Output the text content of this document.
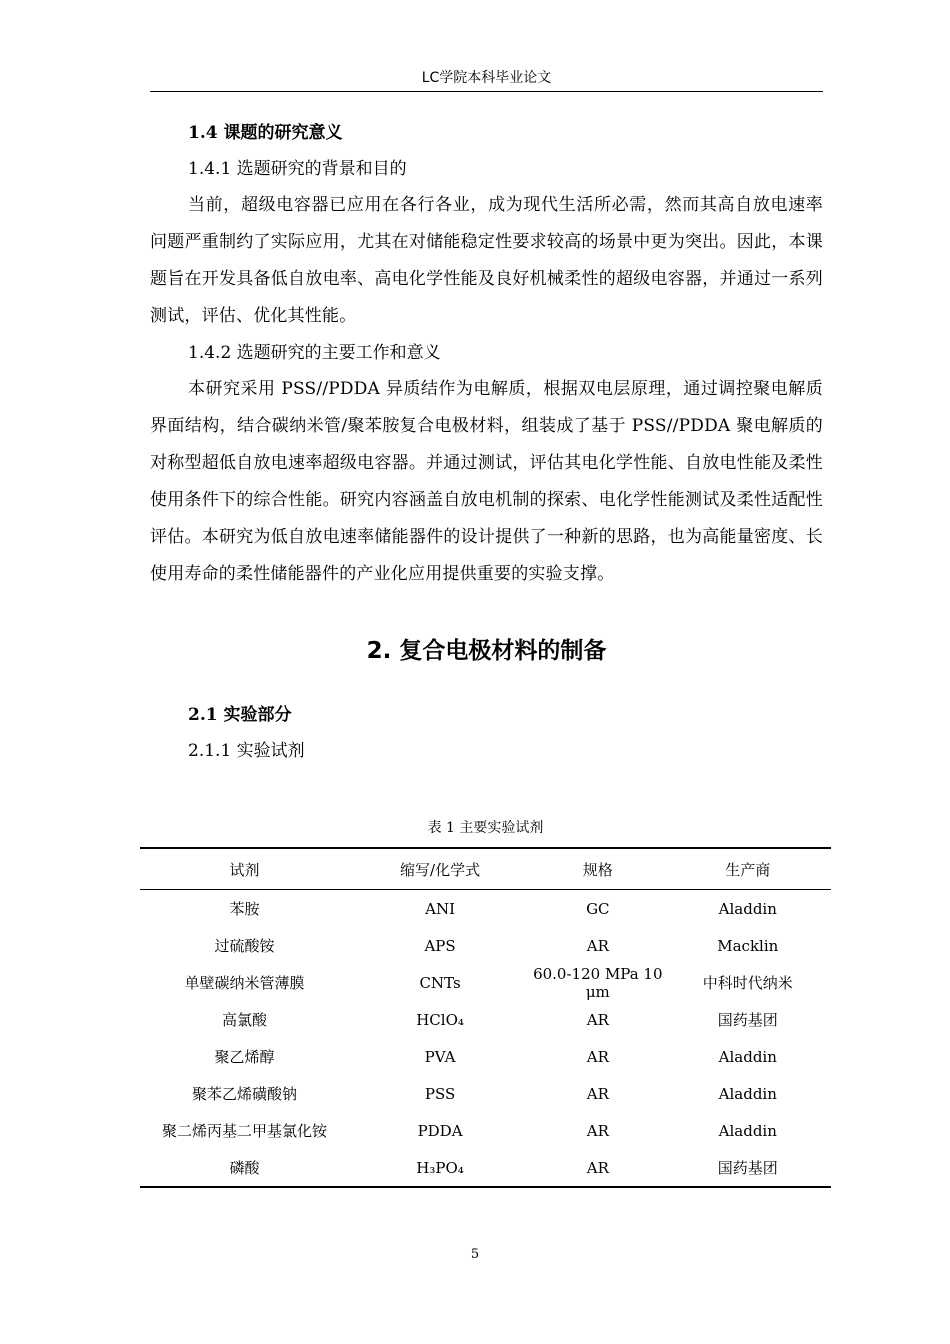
LC学院本科毕业论文

1.4 课题的研究意义

1.4.1 选题研究的背景和目的

当前，超级电容器已应用在各行各业，成为现代生活所必需，然而其高自放电速率问题严重制约了实际应用，尤其在对储能稳定性要求较高的场景中更为突出。因此，本课题旨在开发具备低自放电率、高电化学性能及良好机械柔性的超级电容器，并通过一系列测试，评估、优化其性能。

1.4.2 选题研究的主要工作和意义

本研究采用 PSS//PDDA 异质结作为电解质，根据双电层原理，通过调控聚电解质界面结构，结合碳纳米管/聚苯胺复合电极材料，组装成了基于 PSS//PDDA 聚电解质的对称型超低自放电速率超级电容器。并通过测试，评估其电化学性能、自放电性能及柔性使用条件下的综合性能。研究内容涵盖自放电机制的探索、电化学性能测试及柔性适配性评估。本研究为低自放电速率储能器件的设计提供了一种新的思路，也为高能量密度、长使用寿命的柔性储能器件的产业化应用提供重要的实验支撑。

2. 复合电极材料的制备

2.1 实验部分

2.1.1 实验试剂

表 1 主要实验试剂
试剂	缩写/化学式	规格	生产商
苯胺	ANI	GC	Aladdin
过硫酸铵	APS	AR	Macklin
单壁碳纳米管薄膜	CNTs	60.0-120 MPa 10 μm	中科时代纳米
高氯酸	HClO₄	AR	国药基团
聚乙烯醇	PVA	AR	Aladdin
聚苯乙烯磺酸钠	PSS	AR	Aladdin
聚二烯丙基二甲基氯化铵	PDDA	AR	Aladdin
磷酸	H₃PO₄	AR	国药基团
5
